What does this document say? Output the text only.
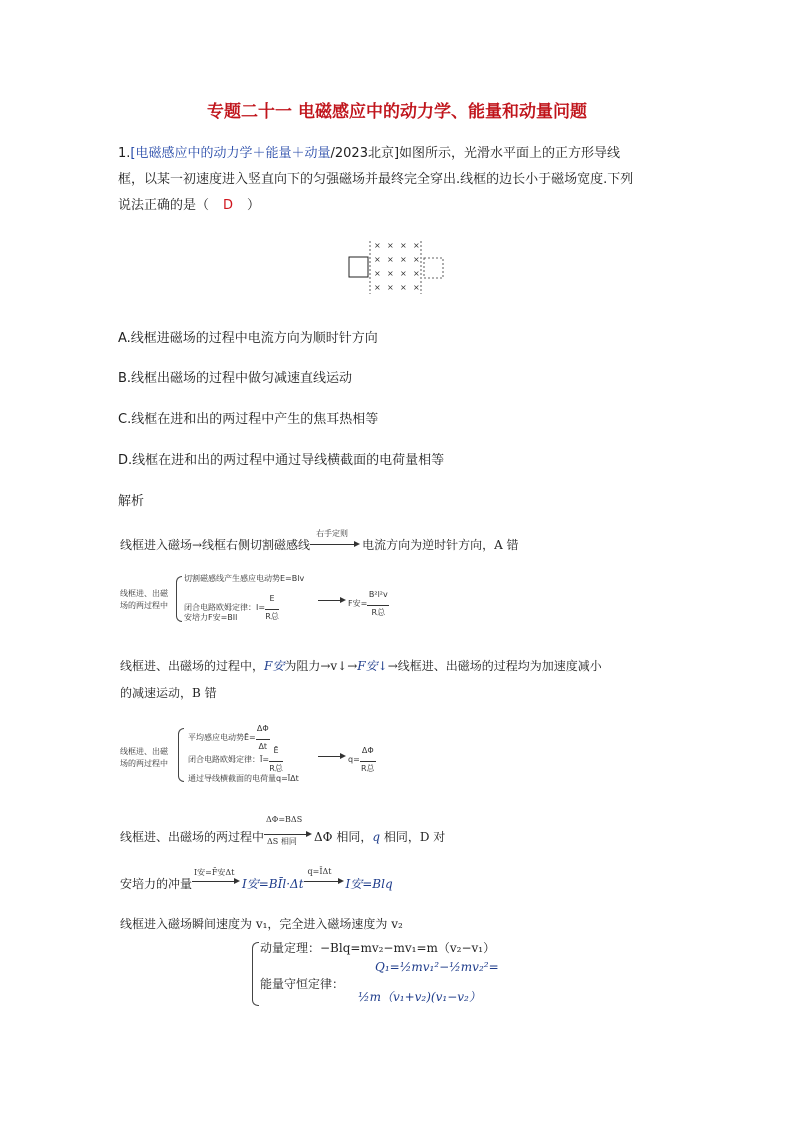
专题二十一 电磁感应中的动力学、能量和动量问题
1.[电磁感应中的动力学＋能量＋动量/2023北京]如图所示，光滑水平面上的正方形导线
框，以某一初速度进入竖直向下的匀强磁场并最终完全穿出.线框的边长小于磁场宽度.下列
说法正确的是（ D ）
× × × ×
× × × ×
× × × ×
× × × ×
A.线框进磁场的过程中电流方向为顺时针方向
B.线框出磁场的过程中做匀减速直线运动
C.线框在进和出的两过程中产生的焦耳热相等
D.线框在进和出的两过程中通过导线横截面的电荷量相等
解析
线框进入磁场→线框右侧切割磁感线
右手定则
电流方向为逆时针方向，A 错
线框进、出磁
场的两过程中
切割磁感线产生感应电动势E=Blv
闭合电路欧姆定律：$I=\frac{E}{\text{R总}}$
安培力F安=BIl
F安$=\frac{\text{B²l²v}}{\text{R总}}$
线框进、出磁场的过程中，F安为阻力→v↓→F安↓→线框进、出磁场的过程均为加速度减小
的减速运动，B 错
线框进、出磁
场的两过程中
平均感应电动势$Ē=\frac{\Delta\Phi}{\Delta t}$
闭合电路欧姆定律：$Ī=\frac{Ē}{\text{R总}}$
通过导线横截面的电荷量q=ĪΔt
$q=\frac{\Delta\Phi}{\text{R总}}$
线框进、出磁场的两过程中
ΔΦ=BΔS
ΔS 相同 ΔΦ 相同，q 相同，D 对
安培力的冲量
I安=F̄安Δt
I安=BĪl·Δt
q=ĪΔt
I安=Blq
线框进入磁场瞬间速度为 v₁，完全进入磁场速度为 v₂
动量定理：−Blq=mv₂−mv₁=m（v₂−v₁）
能量守恒定律：
Q₁=½mv₁²−½mv₂²=
½m（v₁+v₂)(v₁−v₂）
